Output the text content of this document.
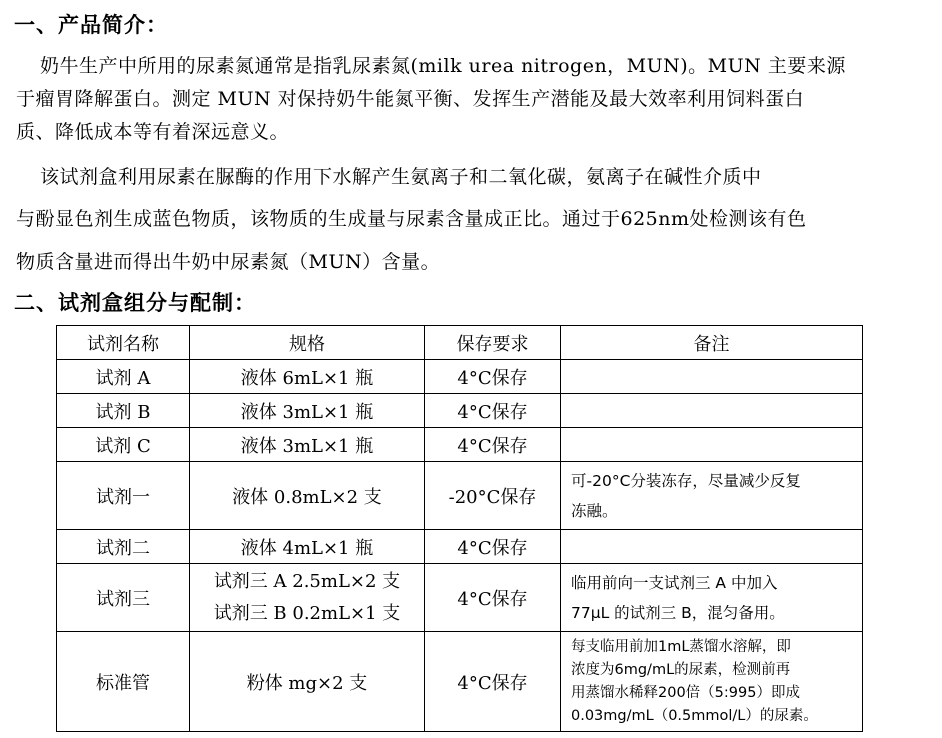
一、产品简介：
奶牛生产中所用的尿素氮通常是指乳尿素氮(milk urea nitrogen，MUN)。MUN 主要来源
于瘤胃降解蛋白。测定 MUN 对保持奶牛能氮平衡、发挥生产潜能及最大效率利用饲料蛋白
质、降低成本等有着深远意义。
该试剂盒利用尿素在脲酶的作用下水解产生氨离子和二氧化碳，氨离子在碱性介质中
与酚显色剂生成蓝色物质，该物质的生成量与尿素含量成正比。通过于625nm处检测该有色
物质含量进而得出牛奶中尿素氮（MUN）含量。
二、试剂盒组分与配制：
试剂名称	规格	保存要求	备注
试剂 A	液体 6mL×1 瓶	4°C保存	
试剂 B	液体 3mL×1 瓶	4°C保存	
试剂 C	液体 3mL×1 瓶	4°C保存	
试剂一	液体 0.8mL×2 支	-20°C保存	可-20°C分装冻存，尽量减少反复
冻融。

试剂二	液体 4mL×1 瓶	4°C保存	
试剂三	试剂三 A 2.5mL×2 支
试剂三 B 0.2mL×1 支	4°C保存	临用前向一支试剂三 A 中加入
77μL 的试剂三 B，混匀备用。

标准管	粉体 mg×2 支	4°C保存	每支临用前加1mL蒸馏水溶解，即
浓度为6mg/mL的尿素，检测前再
用蒸馏水稀释200倍（5:995）即成
0.03mg/mL（0.5mmol/L）的尿素。
